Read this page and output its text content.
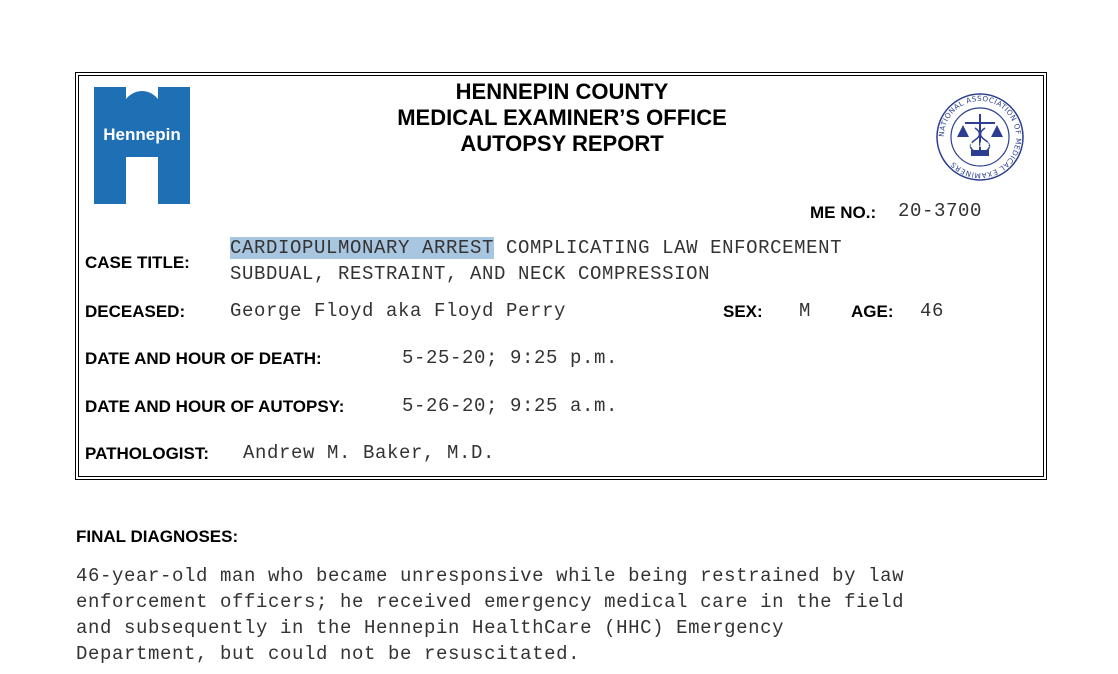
Hennepin	NATIONAL ASSOCIATION OF MEDICAL EXAMINERS
NAME
HENNEPIN COUNTY
MEDICAL EXAMINER’S OFFICE
AUTOPSY REPORT
ME NO.: 20-3700
CASE TITLE:
CARDIOPULMONARY ARREST COMPLICATING LAW ENFORCEMENT
SUBDUAL, RESTRAINT, AND NECK COMPRESSION
DECEASED: George Floyd aka Floyd Perry	SEX: M AGE: 46
DATE AND HOUR OF DEATH:	5-25-20; 9:25 p.m.
DATE AND HOUR OF AUTOPSY:	5-26-20; 9:25 a.m.
PATHOLOGIST: Andrew M. Baker, M.D.
FINAL DIAGNOSES:
46-year-old man who became unresponsive while being restrained by law
enforcement officers; he received emergency medical care in the field
and subsequently in the Hennepin HealthCare (HHC) Emergency
Department, but could not be resuscitated.
